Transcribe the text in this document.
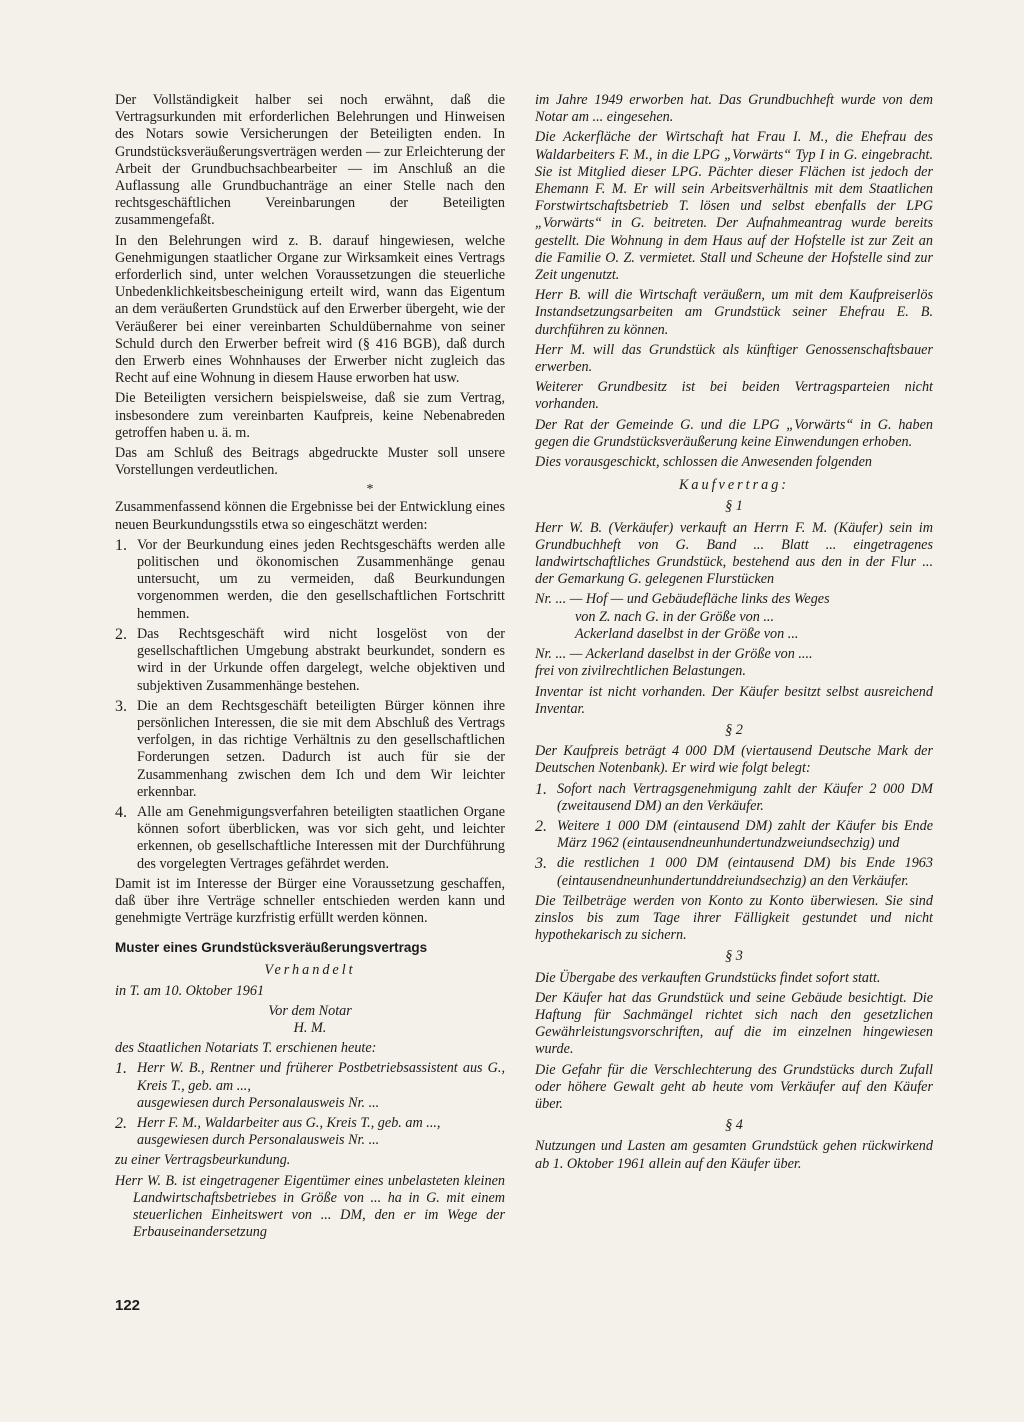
Der Vollständigkeit halber sei noch erwähnt, daß die Vertragsurkunden mit erforderlichen Belehrungen und Hinweisen des Notars sowie Versicherungen der Beteiligten enden. In Grundstücksveräußerungsverträgen werden — zur Erleichterung der Arbeit der Grundbuchsachbearbeiter — im Anschluß an die Auflassung alle Grundbuchanträge an einer Stelle nach den rechtsgeschäftlichen Vereinbarungen der Beteiligten zusammengefaßt.

In den Belehrungen wird z. B. darauf hingewiesen, welche Genehmigungen staatlicher Organe zur Wirksamkeit eines Vertrags erforderlich sind, unter welchen Voraussetzungen die steuerliche Unbedenklichkeitsbescheinigung erteilt wird, wann das Eigentum an dem veräußerten Grundstück auf den Erwerber übergeht, wie der Veräußerer bei einer vereinbarten Schuldübernahme von seiner Schuld durch den Erwerber befreit wird (§ 416 BGB), daß durch den Erwerb eines Wohnhauses der Erwerber nicht zugleich das Recht auf eine Wohnung in diesem Hause erworben hat usw.

Die Beteiligten versichern beispielsweise, daß sie zum Vertrag, insbesondere zum vereinbarten Kaufpreis, keine Nebenabreden getroffen haben u. ä. m.

Das am Schluß des Beitrags abgedruckte Muster soll unsere Vorstellungen verdeutlichen.

*

Zusammenfassend können die Ergebnisse bei der Entwicklung eines neuen Beurkundungsstils etwa so eingeschätzt werden:

1. Vor der Beurkundung eines jeden Rechtsgeschäfts werden alle politischen und ökonomischen Zusammenhänge genau untersucht, um zu vermeiden, daß Beurkundungen vorgenommen werden, die den gesellschaftlichen Fortschritt hemmen.
2. Das Rechtsgeschäft wird nicht losgelöst von der gesellschaftlichen Umgebung abstrakt beurkundet, sondern es wird in der Urkunde offen dargelegt, welche objektiven und subjektiven Zusammenhänge bestehen.
3. Die an dem Rechtsgeschäft beteiligten Bürger können ihre persönlichen Interessen, die sie mit dem Abschluß des Vertrags verfolgen, in das richtige Verhältnis zu den gesellschaftlichen Forderungen setzen. Dadurch ist auch für sie der Zusammenhang zwischen dem Ich und dem Wir leichter erkennbar.
4. Alle am Genehmigungsverfahren beteiligten staatlichen Organe können sofort überblicken, was vor sich geht, und leichter erkennen, ob gesellschaftliche Interessen mit der Durchführung des vorgelegten Vertrages gefährdet werden.

Damit ist im Interesse der Bürger eine Voraussetzung geschaffen, daß über ihre Verträge schneller entschieden werden kann und genehmigte Verträge kurzfristig erfüllt werden können.

Muster eines Grundstücksveräußerungsvertrags

Verhandelt

in T. am 10. Oktober 1961

Vor dem Notar

H. M.

des Staatlichen Notariats T. erschienen heute:

1. Herr W. B., Rentner und früherer Postbetriebsassistent aus G., Kreis T., geb. am ...,
ausgewiesen durch Personalausweis Nr. ...
2. Herr F. M., Waldarbeiter aus G., Kreis T., geb. am ...,
ausgewiesen durch Personalausweis Nr. ...

zu einer Vertragsbeurkundung.

Herr W. B. ist eingetragener Eigentümer eines unbelasteten kleinen Landwirtschaftsbetriebes in Größe von ... ha in G. mit einem steuerlichen Einheitswert von ... DM, den er im Wege der Erbauseinandersetzung

im Jahre 1949 erworben hat. Das Grundbuchheft wurde von dem Notar am ... eingesehen.

Die Ackerfläche der Wirtschaft hat Frau I. M., die Ehefrau des Waldarbeiters F. M., in die LPG „Vorwärts“ Typ I in G. eingebracht. Sie ist Mitglied dieser LPG. Pächter dieser Flächen ist jedoch der Ehemann F. M. Er will sein Arbeitsverhältnis mit dem Staatlichen Forstwirtschaftsbetrieb T. lösen und selbst ebenfalls der LPG „Vorwärts“ in G. beitreten. Der Aufnahmeantrag wurde bereits gestellt. Die Wohnung in dem Haus auf der Hofstelle ist zur Zeit an die Familie O. Z. vermietet. Stall und Scheune der Hofstelle sind zur Zeit ungenutzt.

Herr B. will die Wirtschaft veräußern, um mit dem Kaufpreiserlös Instandsetzungsarbeiten am Grundstück seiner Ehefrau E. B. durchführen zu können.

Herr M. will das Grundstück als künftiger Genossenschaftsbauer erwerben.

Weiterer Grundbesitz ist bei beiden Vertragsparteien nicht vorhanden.

Der Rat der Gemeinde G. und die LPG „Vorwärts“ in G. haben gegen die Grundstücksveräußerung keine Einwendungen erhoben.

Dies vorausgeschickt, schlossen die Anwesenden folgenden

Kaufvertrag:

§ 1

Herr W. B. (Verkäufer) verkauft an Herrn F. M. (Käufer) sein im Grundbuchheft von G. Band ... Blatt ... eingetragenes landwirtschaftliches Grundstück, bestehend aus den in der Flur ... der Gemarkung G. gelegenen Flurstücken

Nr. ... — Hof — und Gebäudefläche links des Weges

von Z. nach G. in der Größe von ...

Ackerland daselbst in der Größe von ...

Nr. ... — Ackerland daselbst in der Größe von ....

frei von zivilrechtlichen Belastungen.

Inventar ist nicht vorhanden. Der Käufer besitzt selbst ausreichend Inventar.

§ 2

Der Kaufpreis beträgt 4 000 DM (viertausend Deutsche Mark der Deutschen Notenbank). Er wird wie folgt belegt:

1. Sofort nach Vertragsgenehmigung zahlt der Käufer 2 000 DM (zweitausend DM) an den Verkäufer.
2. Weitere 1 000 DM (eintausend DM) zahlt der Käufer bis Ende März 1962 (eintausendneunhundertundzweiundsechzig) und
3. die restlichen 1 000 DM (eintausend DM) bis Ende 1963 (eintausendneunhundertunddreiundsechzig) an den Verkäufer.

Die Teilbeträge werden von Konto zu Konto überwiesen. Sie sind zinslos bis zum Tage ihrer Fälligkeit gestundet und nicht hypothekarisch zu sichern.

§ 3

Die Übergabe des verkauften Grundstücks findet sofort statt.

Der Käufer hat das Grundstück und seine Gebäude besichtigt. Die Haftung für Sachmängel richtet sich nach den gesetzlichen Gewährleistungsvorschriften, auf die im einzelnen hingewiesen wurde.

Die Gefahr für die Verschlechterung des Grundstücks durch Zufall oder höhere Gewalt geht ab heute vom Verkäufer auf den Käufer über.

§ 4

Nutzungen und Lasten am gesamten Grundstück gehen rückwirkend ab 1. Oktober 1961 allein auf den Käufer über.

122
